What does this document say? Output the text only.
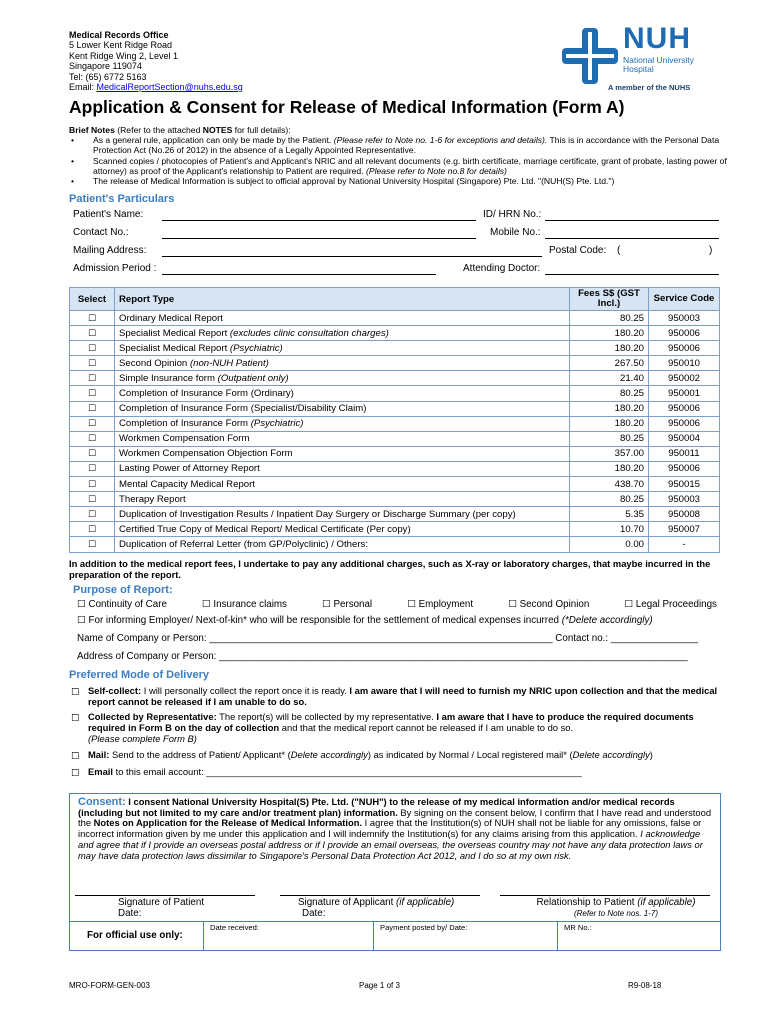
Medical Records Office
5 Lower Kent Ridge Road
Kent Ridge Wing 2, Level 1
Singapore 119074
Tel: (65) 6772 5163
Email: MedicalReportSection@nuhs.edu.sg
NUH
National University
Hospital
A member of the NUHS
Application & Consent for Release of Medical Information (Form A)
Brief Notes (Refer to the attached NOTES for full details):
• As a general rule, application can only be made by the Patient. (Please refer to Note no. 1-6 for exceptions and details). This is in accordance with the Personal Data Protection Act (No.26 of 2012) in the absence of a Legally Appointed Representative.
• Scanned copies / photocopies of Patient's and Applicant's NRIC and all relevant documents (e.g. birth certificate, marriage certificate, grant of probate, lasting power of attorney) as proof of the Applicant's relationship to Patient are required. (Please refer to Note no.8 for details)
• The release of Medical Information is subject to official approval by National University Hospital (Singapore) Pte. Ltd. "(NUH(S) Pte. Ltd.")
Patient's Particulars
Patient's Name:	ID/ HRN No.:
Contact No.:	Mobile No.:
Mailing Address:	Postal Code: (	)
Admission Period :	Attending Doctor:
Select	Report Type	Fees S$ (GST Incl.)	Service Code
☐	Ordinary Medical Report	80.25	950003
☐	Specialist Medical Report (excludes clinic consultation charges)	180.20	950006
☐	Specialist Medical Report (Psychiatric)	180.20	950006
☐	Second Opinion (non-NUH Patient)	267.50	950010
☐	Simple Insurance form (Outpatient only)	21.40	950002
☐	Completion of Insurance Form (Ordinary)	80.25	950001
☐	Completion of Insurance Form (Specialist/Disability Claim)	180.20	950006
☐	Completion of Insurance Form (Psychiatric)	180.20	950006
☐	Workmen Compensation Form	80.25	950004
☐	Workmen Compensation Objection Form	357.00	950011
☐	Lasting Power of Attorney Report	180.20	950006
☐	Mental Capacity Medical Report	438.70	950015
☐	Therapy Report	80.25	950003
☐	Duplication of Investigation Results / Inpatient Day Surgery or Discharge Summary (per copy)	5.35	950008
☐	Certified True Copy of Medical Report/ Medical Certificate (Per copy)	10.70	950007
☐	Duplication of Referral Letter (from GP/Polyclinic) / Others:	0.00	-
In addition to the medical report fees, I undertake to pay any additional charges, such as X-ray or laboratory charges, that maybe incurred in the preparation of the report.
Purpose of Report:
☐ Continuity of Care	☐ Insurance claims	☐ Personal	☐ Employment	☐ Second Opinion	☐ Legal Proceedings
☐ For informing Employer/ Next-of-kin* who will be responsible for the settlement of medical expenses incurred (*Delete accordingly)
Name of Company or Person: _______________________________________________________________ Contact no.: ________________
Address of Company or Person: ______________________________________________________________________________________
Preferred Mode of Delivery
☐ Self-collect: I will personally collect the report once it is ready. I am aware that I will need to furnish my NRIC upon collection and that the medical report cannot be released if I am unable to do so.
☐ Collected by Representative: The report(s) will be collected by my representative. I am aware that I have to produce the required documents required in Form B on the day of collection and that the medical report cannot be released if I am unable to do so.
(Please complete Form B)
☐ Mail: Send to the address of Patient/ Applicant* (Delete accordingly) as indicated by Normal / Local registered mail* (Delete accordingly)
☐ Email to this email account: ________________________________________________________________________
Consent: I consent National University Hospital(S) Pte. Ltd. ("NUH") to the release of my medical information and/or medical records (including but not limited to my care and/or treatment plan) information. By signing on the consent below, I confirm that I have read and understood the Notes on Application for the Release of Medical Information. I agree that the Institution(s) of NUH shall not be liable for any omissions, false or incorrect information given by me under this application and I will indemnify the Institution(s) for any claims arising from this application. I acknowledge and agree that if I provide an overseas postal address or if I provide an email overseas, the overseas country may not have any data protection laws or may have data protection laws dissimilar to Singapore's Personal Data Protection Act 2012, and I do so at my own risk.
Signature of Patient
Date:
Signature of Applicant (if applicable)
Date:
Relationship to Patient (if applicable)
(Refer to Note nos. 1-7)
For official use only:
Date received:	Payment posted by/ Date:	MR No.:
MRO-FORM-GEN-003	Page 1 of 3	R9-08-18
